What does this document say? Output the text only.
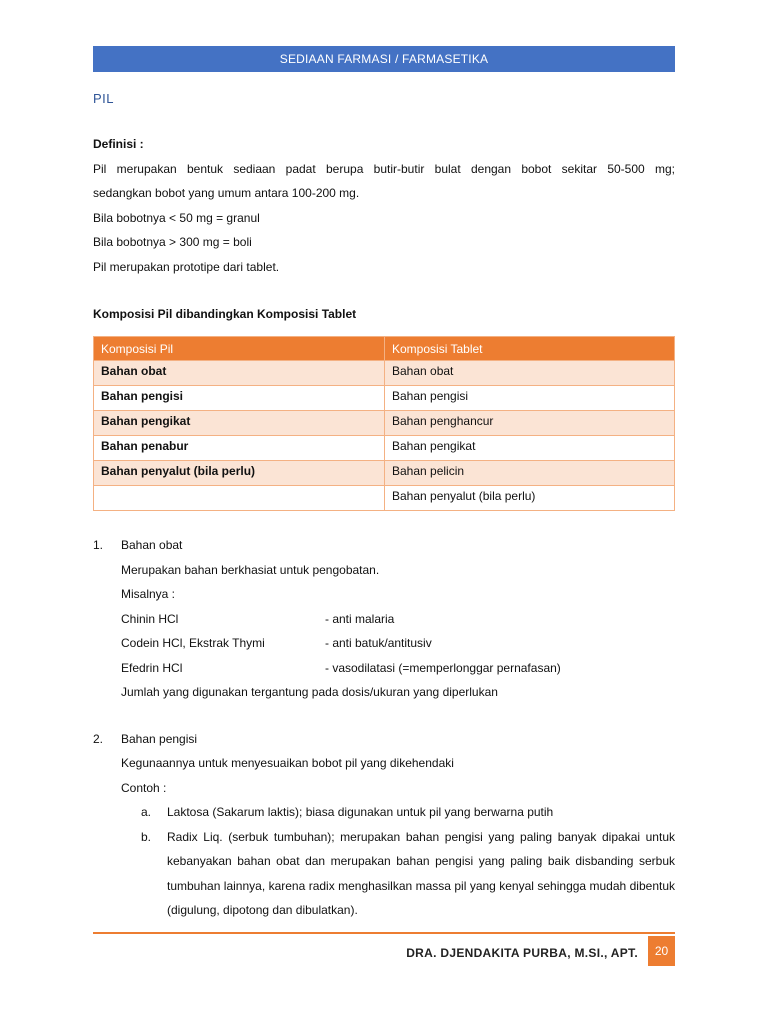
SEDIAAN FARMASI / FARMASETIKA
PIL

Definisi :

Pil merupakan bentuk sediaan padat berupa butir-butir bulat dengan bobot sekitar 50-500 mg;

sedangkan bobot yang umum antara 100-200 mg.

Bila bobotnya < 50 mg = granul

Bila bobotnya > 300 mg = boli

Pil merupakan prototipe dari tablet.

Komposisi Pil dibandingkan Komposisi Tablet

Komposisi Pil	Komposisi Tablet
Bahan obat	Bahan obat
Bahan pengisi	Bahan pengisi
Bahan pengikat	Bahan penghancur
Bahan penabur	Bahan pengikat
Bahan penyalut (bila perlu)	Bahan pelicin
	Bahan penyalut (bila perlu)
1.	Bahan obat

Merupakan bahan berkhasiat untuk pengobatan.

Misalnya :

Chinin HCl	- anti malaria
Codein HCl, Ekstrak Thymi	- anti batuk/antitusiv
Efedrin HCl	- vasodilatasi (=memperlonggar pernafasan)

Jumlah yang digunakan tergantung pada dosis/ukuran yang diperlukan

2.	Bahan pengisi

Kegunaannya untuk menyesuaikan bobot pil yang dikehendaki

Contoh :

a.	Laktosa (Sakarum laktis); biasa digunakan untuk pil yang berwarna putih
b.	Radix Liq. (serbuk tumbuhan); merupakan bahan pengisi yang paling banyak dipakai untuk kebanyakan bahan obat dan merupakan bahan pengisi yang paling baik disbanding serbuk tumbuhan lainnya, karena radix menghasilkan massa pil yang kenyal sehingga mudah dibentuk (digulung, dipotong dan dibulatkan).
DRA. DJENDAKITA PURBA, M.SI., APT.	20
